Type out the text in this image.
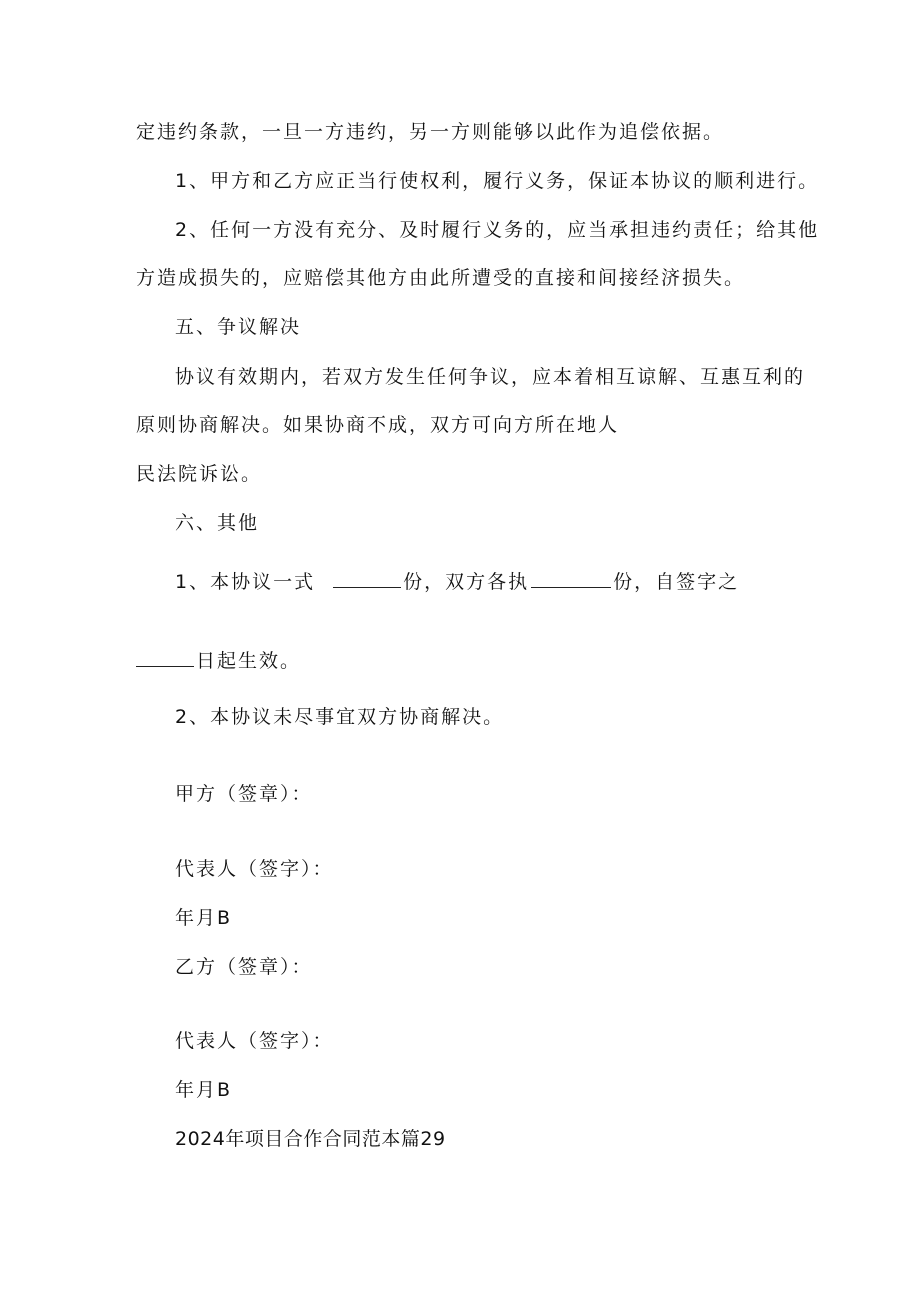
定违约条款，一旦一方违约，另一方则能够以此作为追偿依据。
1、甲方和乙方应正当行使权利，履行义务，保证本协议的顺利进行。
2、任何一方没有充分、及时履行义务的，应当承担违约责任；给其他
方造成损失的，应赔偿其他方由此所遭受的直接和间接经济损失。
五、争议解决
协议有效期内，若双方发生任何争议，应本着相互谅解、互惠互利的
原则协商解决。如果协商不成，双方可向方所在地人
民法院诉讼。
六、其他
1、本协议一式	份，双方各执	份，自签字之
日起生效。
2、本协议未尽事宜双方协商解决。
甲方（签章）：
代表人（签字）：
年月B
乙方（签章）：
代表人（签字）：
年月B
2024年项目合作合同范本篇29
